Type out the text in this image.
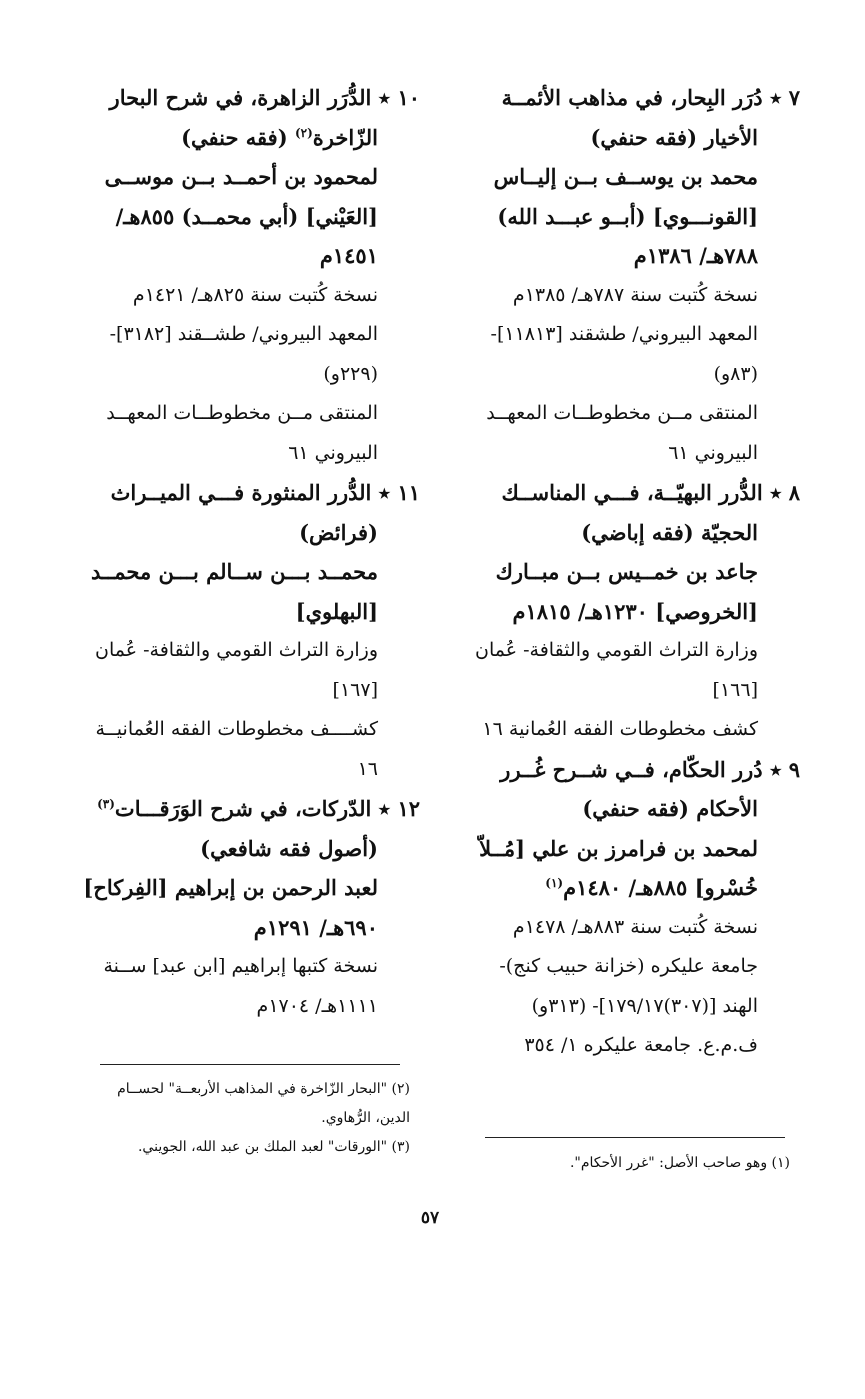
٧ ٭ دُرَر البِحار، في مذاهب الأئمــة
الأخيار (فقه حنفي)
محمد بن يوســف بــن إليــاس
[القونـــوي] (أبــو عبـــد الله)
٧٨٨هـ/ ١٣٨٦م
نسخة كُتبت سنة ٧٨٧هـ/ ١٣٨٥م
المعهد البيروني/ طشقند [١١٨١٣]-
(٨٣و)
المنتقى مــن مخطوطــات المعهــد
البيروني ٦١
٨ ٭ الدُّرر البهيّــة، فـــي المناســك
الحجيّة (فقه إباضي)
جاعد بن خمــيس بــن مبــارك
[الخروصي] ١٢٣٠هـ/ ١٨١٥م
وزارة التراث القومي والثقافة- عُمان
[١٦٦]
كشف مخطوطات الفقه العُمانية ١٦
٩ ٭ دُرر الحكّام، فــي شــرح غُــرر
الأحكام (فقه حنفي)
لمحمد بن فرامرز بن علي [مُــلاّ
خُسْرو] ٨٨٥هـ/ ١٤٨٠م$^{(١)}$
نسخة كُتبت سنة ٨٨٣هـ/ ١٤٧٨م
جامعة عليكره (خزانة حبيب كنج)-
الهند [(٣٠٧)١٧٩/١٧]- (٣١٣و)
ف.م.ع. جامعة عليكره ١/ ٣٥٤
١٠ ٭ الدُّرَر الزاهرة، في شرح البحار
الزّاخرة$^{(٢)}$ (فقه حنفي)
لمحمود بن أحمــد بــن موســى
[العَيْني] (أبي محمــد) ٨٥٥هـ/
١٤٥١م
نسخة كُتبت سنة ٨٢٥هـ/ ١٤٢١م
المعهد البيروني/ طشــقند [٣١٨٢]-
(٢٢٩و)
المنتقى مــن مخطوطــات المعهــد
البيروني ٦١
١١ ٭ الدُّرر المنثورة فـــي الميــراث
(فرائض)
محمــد بـــن ســالم بـــن محمــد
[البهلوي]
وزارة التراث القومي والثقافة- عُمان
[١٦٧]
كشــــف مخطوطات الفقه العُمانيــة
١٦
١٢ ٭ الدّركات، في شرح الوَرَقـــات$^{(٣)}$
(أصول فقه شافعي)
لعبد الرحمن بن إبراهيم [الفِركاح]
٦٩٠هـ/ ١٢٩١م
نسخة كتبها إبراهيم [ابن عبد] ســنة
١١١١هـ/ ١٧٠٤م
(٢) "البحار الزّاخرة في المذاهب الأربعــة" لحســام
الدين، الرُّهاوي.
(٣) "الورقات" لعبد الملك بن عبد الله، الجويني.
(١) وهو صاحب الأصل: "غرر الأحكام".
٥٧
